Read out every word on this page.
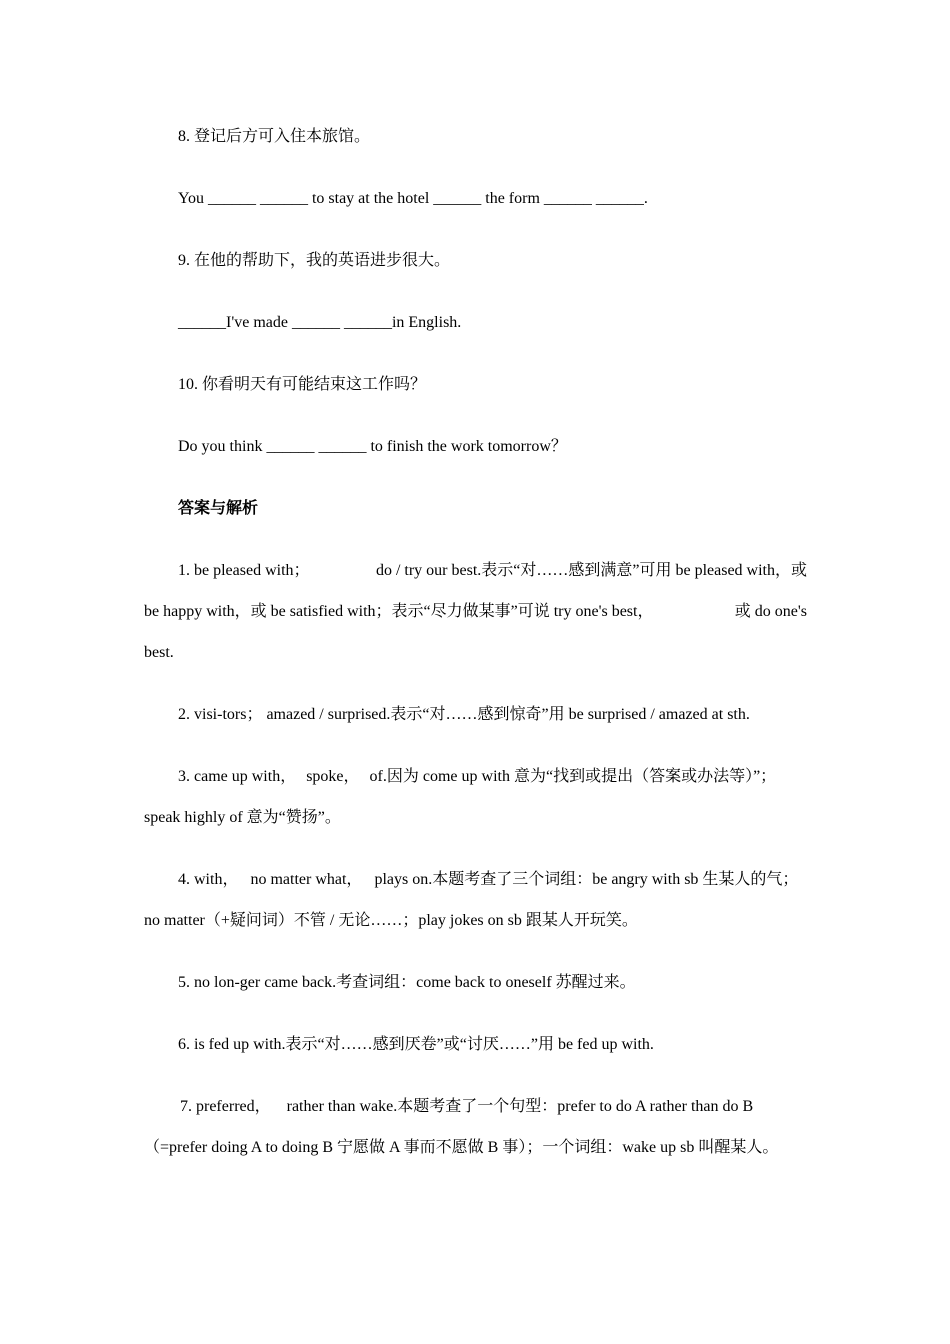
8. 登记后方可入住本旅馆。
You ______ ______ to stay at the hotel ______ the form ______ ______.
9. 在他的帮助下，我的英语进步很大。
______I've made ______ ______in English.
10. 你看明天有可能结束这工作吗？
Do you think ______ ______ to finish the work tomorrow？
答案与解析
1. be pleased with；	do / try our best.表示“对……感到满意”可用 be pleased with，或
be happy with，或 be satisfied with；表示“尽力做某事”可说 try one's best，	或 do one's
best.
2. visi-tors； amazed / surprised.表示“对……感到惊奇”用 be surprised / amazed at sth.
3. came up with， spoke， of.因为 come up with 意为“找到或提出（答案或办法等）”；
speak highly of 意为“赞扬”。
4. with， no matter what， plays on.本题考查了三个词组：be angry with sb 生某人的气；
no matter（+疑问词）不管 / 无论……；play jokes on sb 跟某人开玩笑。
5. no lon-ger came back.考查词组：come back to oneself 苏醒过来。
6. is fed up with.表示“对……感到厌卷”或“讨厌……”用 be fed up with.
7. preferred， rather than wake.本题考查了一个句型：prefer to do A rather than do B
（=prefer doing A to doing B 宁愿做 A 事而不愿做 B 事）；一个词组：wake up sb 叫醒某人。
